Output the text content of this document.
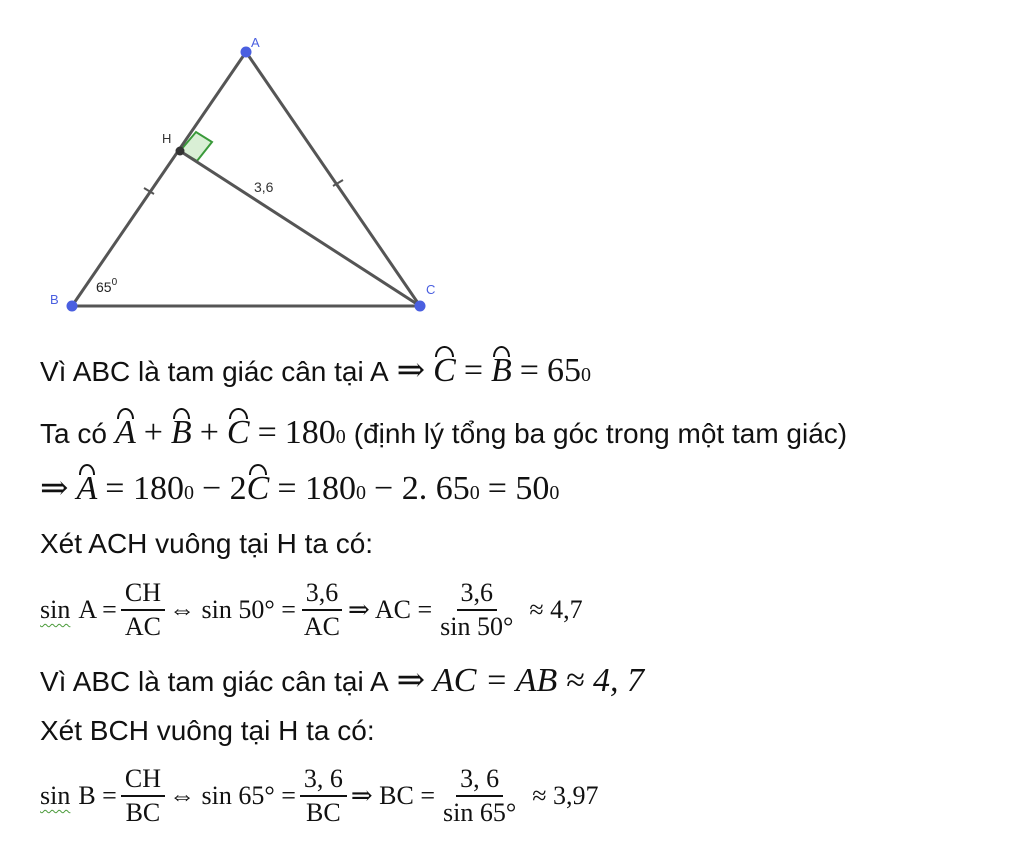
A
B
C
H
3,6
$65^0$
Vì ABC là tam giác cân tại A ⇒ C = B = 65 0
Ta có A + B + C = 180 0 (định lý tổng ba góc trong một tam giác)
⇒ A = 180 0 − 2 C = 180 0 − 2. 65 0 = 50 0
Xét ACH vuông tại H ta có:
$\sin A = \frac{CH}{AC}$ ⇔ $\sin 50^\circ = \frac{3,6}{AC}$ ⇒ AC = $\frac{3,6}{\sin 50^\circ} \approx 4,7$
Vì ABC là tam giác cân tại A ⇒ AC = AB ≈ 4, 7
Xét BCH vuông tại H ta có:
$\sin B = \frac{CH}{BC}$ ⇔ $\sin 65^\circ = \frac{3, 6}{BC}$ ⇒ BC = $\frac{3, 6}{\sin 65^\circ} \approx 3,97$
